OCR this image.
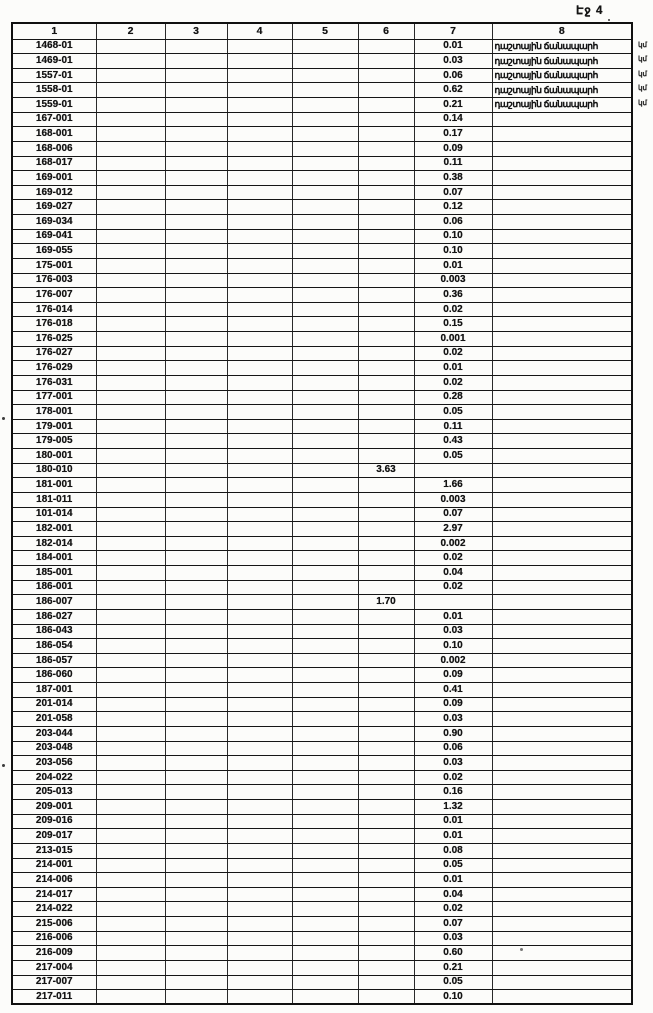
Էջ 4
1	2	3	4	5	6	7	8
1468-01						0.01	դաշտային ճանապարհ կմ

1469-01						0.03	դաշտային ճանապարհ կմ

1557-01						0.06	դաշտային ճանապարհ կմ

1558-01						0.62	դաշտային ճանապարհ կմ

1559-01						0.21	դաշտային ճանապարհ կմ

167-001						0.14	
168-001						0.17	
168-006						0.09	
168-017						0.11	
169-001						0.38	
169-012						0.07	
169-027						0.12	
169-034						0.06	
169-041						0.10	
169-055						0.10	
175-001						0.01	
176-003						0.003	
176-007						0.36	
176-014						0.02	
176-018						0.15	
176-025						0.001	
176-027						0.02	
176-029						0.01	
176-031						0.02	
177-001						0.28	
178-001						0.05	
179-001						0.11	
179-005						0.43	
180-001						0.05	
180-010					3.63		
181-001						1.66	
181-011						0.003	
101-014						0.07	
182-001						2.97	
182-014						0.002	
184-001						0.02	
185-001						0.04	
186-001						0.02	
186-007					1.70		
186-027						0.01	
186-043						0.03	
186-054						0.10	
186-057						0.002	
186-060						0.09	
187-001						0.41	
201-014						0.09	
201-058						0.03	
203-044						0.90	
203-048						0.06	
203-056						0.03	
204-022						0.02	
205-013						0.16	
209-001						1.32	
209-016						0.01	
209-017						0.01	
213-015						0.08	
214-001						0.05	
214-006						0.01	
214-017						0.04	
214-022						0.02	
215-006						0.07	
216-006						0.03	
216-009						0.60	
217-004						0.21	
217-007						0.05	
217-011						0.10	
